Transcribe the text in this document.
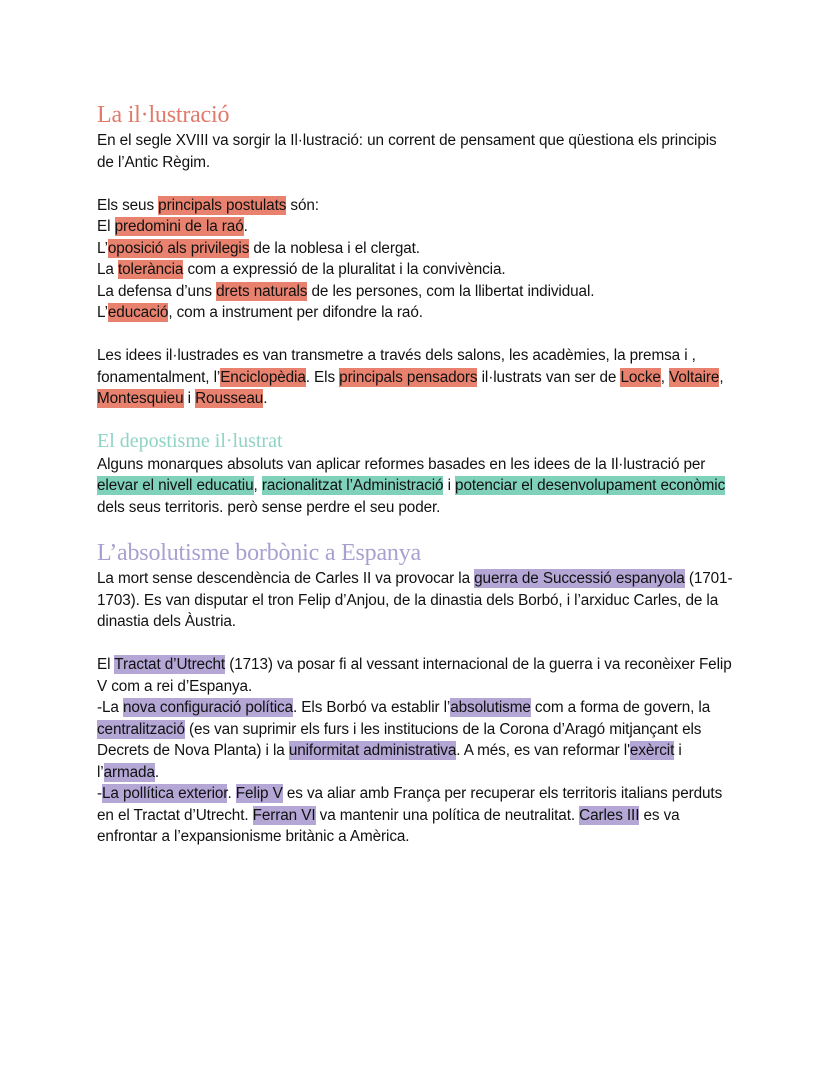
La il·lustració

En el segle XVIII va sorgir la Il·lustració: un corrent de pensament que qüestiona els principis de l’Antic Règim.

Els seus principals postulats són:

El predomini de la raó.

L’oposició als privilegis de la noblesa i el clergat.

La tolerància com a expressió de la pluralitat i la convivència.

La defensa d’uns drets naturals de les persones, com la llibertat individual.

L’educació, com a instrument per difondre la raó.

Les idees il·lustrades es van transmetre a través dels salons, les acadèmies, la premsa i , fonamentalment, l’Enciclopèdia. Els principals pensadors il·lustrats van ser de Locke, Voltaire, Montesquieu i Rousseau.

El depostisme il·lustrat

Alguns monarques absoluts van aplicar reformes basades en les idees de la Il·lustració per elevar el nivell educatiu, racionalitzat l’Administració i potenciar el desenvolupament econòmic dels seus territoris. però sense perdre el seu poder.

L’absolutisme borbònic a Espanya

La mort sense descendència de Carles II va provocar la guerra de Successió espanyola (1701-1703). Es van disputar el tron Felip d’Anjou, de la dinastia dels Borbó, i l’arxiduc Carles, de la dinastia dels Àustria.

El Tractat d’Utrecht (1713) va posar fi al vessant internacional de la guerra i va reconèixer Felip V com a rei d’Espanya.

-La nova configuració política. Els Borbó va establir l’absolutisme com a forma de govern, la centralització (es van suprimir els furs i les institucions de la Corona d’Aragó mitjançant els Decrets de Nova Planta) i la uniformitat administrativa. A més, es van reformar l'exèrcit i l’armada.

-La pollítica exterior. Felip V es va aliar amb França per recuperar els territoris italians perduts en el Tractat d’Utrecht. Ferran VI va mantenir una política de neutralitat. Carles III es va enfrontar a l’expansionisme britànic a Amèrica.
